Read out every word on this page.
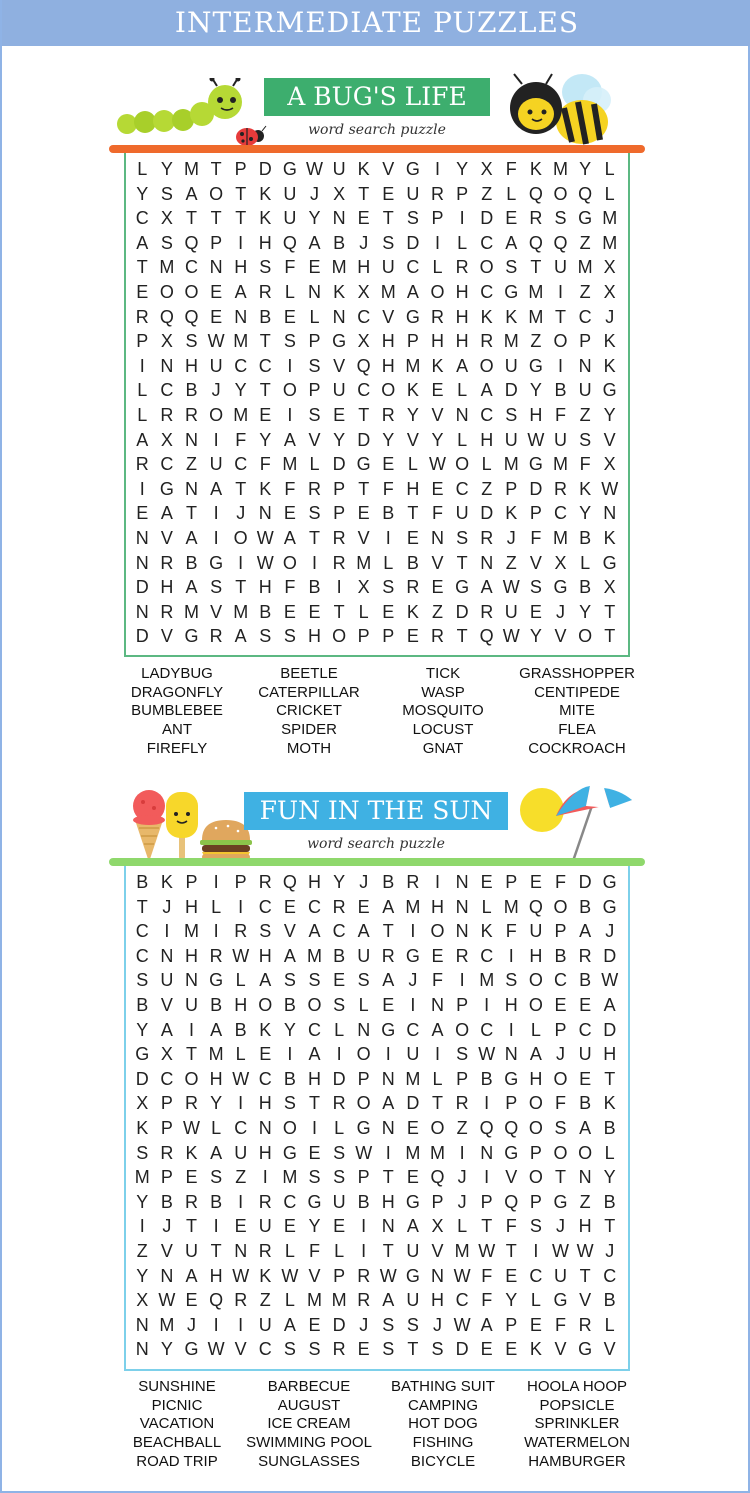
INTERMEDIATE PUZZLES
A BUG'S LIFE
word search puzzle
L Y M T P D G W U K V G I Y X F K M Y L
Y S A O T K U J X T E U R P Z L Q O Q L
C X T T T K U Y N E T S P I D E R S G M
A S Q P I H Q A B J S D I L C A Q Q Z M
T M C N H S F E M H U C L R O S T U M X
E O O E A R L N K X M A O H C G M I Z X
R Q Q E N B E L N C V G R H K K M T C J
P X S W M T S P G X H P H H R M Z O P K
I N H U C C I S V Q H M K A O U G I N K
L C B J Y T O P U C O K E L A D Y B U G
L R R O M E I S E T R Y V N C S H F Z Y
A X N I F Y A V Y D Y V Y L H U W U S V
R C Z U C F M L D G E L W O L M G M F X
I G N A T K F R P T F H E C Z P D R K W
E A T I J N E S P E B T F U D K P C Y N
N V A I O W A T R V I E N S R J F M B K
N R B G I W O I R M L B V T N Z V X L G
D H A S T H F B I X S R E G A W S G B X
N R M V M B E E T L E K Z D R U E J Y T
D V G R A S S H O P P E R T Q W Y V O T
LADYBUG
DRAGONFLY
BUMBLEBEE
ANT
FIREFLY
BEETLE
CATERPILLAR
CRICKET
SPIDER
MOTH
TICK
WASP
MOSQUITO
LOCUST
GNAT
GRASSHOPPER
CENTIPEDE
MITE
FLEA
COCKROACH
FUN IN THE SUN
word search puzzle
B K P I P R Q H Y J B R I N E P E F D G
T J H L I C E C R E A M H N L M Q O B G
C I M I R S V A C A T I O N K F U P A J
C N H R W H A M B U R G E R C I H B R D
S U N G L A S S E S A J F I M S O C B W
B V U B H O B O S L E I N P I H O E E A
Y A I A B K Y C L N G C A O C I L P C D
G X T M L E I A I O I U I S W N A J U H
D C O H W C B H D P N M L P B G H O E T
X P R Y I H S T R O A D T R I P O F B K
K P W L C N O I L G N E O Z Q Q O S A B
S R K A U H G E S W I M M I N G P O O L
M P E S Z I M S S P T E Q J I V O T N Y
Y B R B I R C G U B H G P J P Q P G Z B
I J T I E U E Y E I N A X L T F S J H T
Z V U T N R L F L I T U V M W T I W W J
Y N A H W K W V P R W G N W F E C U T C
X W E Q R Z L M M R A U H C F Y L G V B
N M J I	I U A E D J S S J W A P E F R L
N Y G W V C S S R E S T S D E E K V G V
SUNSHINE
PICNIC
VACATION
BEACHBALL
ROAD TRIP
BARBECUE
AUGUST
ICE CREAM
SWIMMING POOL
SUNGLASSES
BATHING SUIT
CAMPING
HOT DOG
FISHING
BICYCLE
HOOLA HOOP
POPSICLE
SPRINKLER
WATERMELON
HAMBURGER
